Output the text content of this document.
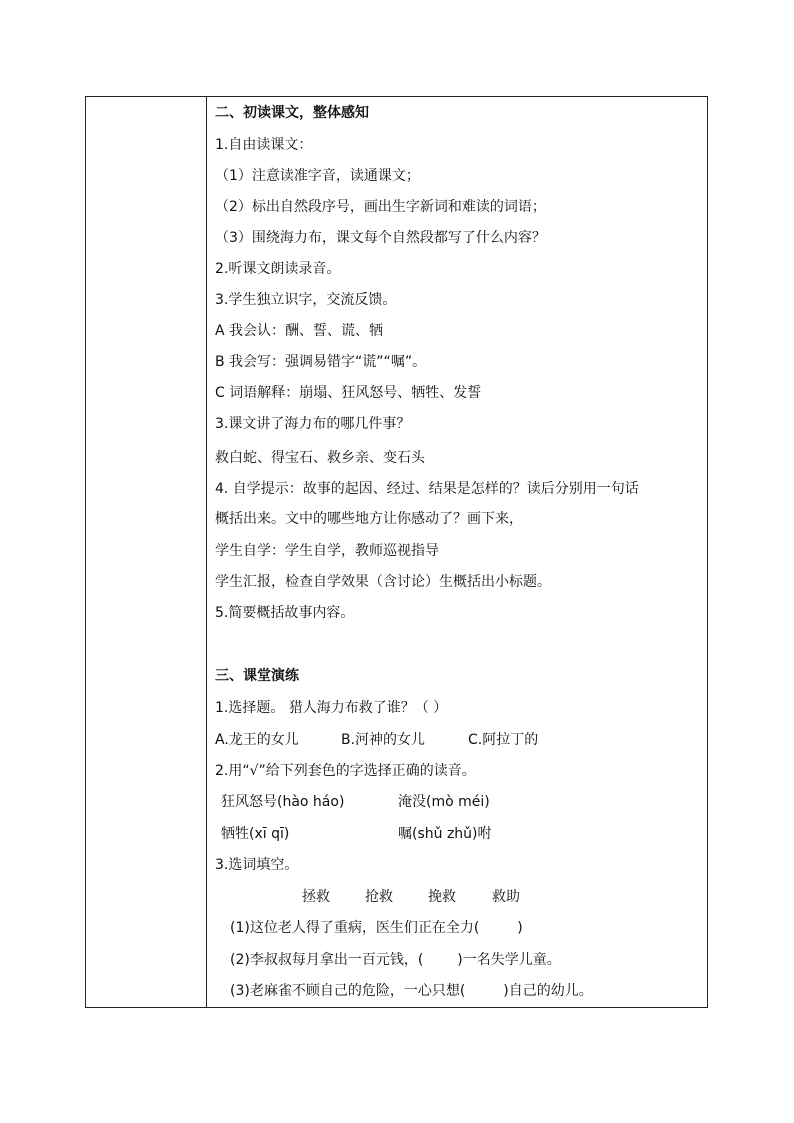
二、初读课文，整体感知
1.自由读课文：
（1）注意读准字音，读通课文；
（2）标出自然段序号，画出生字新词和难读的词语；
（3）围绕海力布，课文每个自然段都写了什么内容？
2.听课文朗读录音。
3.学生独立识字，交流反馈。
A 我会认：酬、誓、谎、牺
B 我会写：强调易错字“谎”“嘱”。
C 词语解释：崩塌、狂风怒号、牺牲、发誓
3.课文讲了海力布的哪几件事？
救白蛇、得宝石、救乡亲、变石头
4. 自学提示：故事的起因、经过、结果是怎样的？读后分别用一句话
概括出来。文中的哪些地方让你感动了？画下来，
学生自学：学生自学，教师巡视指导
学生汇报，检查自学效果（含讨论）生概括出小标题。
5.简要概括故事内容。
三、课堂演练
1.选择题。 猎人海力布救了谁？（ ）
A.龙王的女儿	B.河神的女儿	C.阿拉丁的
2.用“√”给下列套色的字选择正确的读音。
狂风怒号(hào háo)	淹没(mò méi)
牺牲(xī qī)	嘱(shǔ zhǔ)咐
3.选词填空。
拯救	抢救	挽救	救助
(1)这位老人得了重病，医生们正在全力(	)
(2)李叔叔每月拿出一百元钱，( )一名失学儿童。
(3)老麻雀不顾自己的危险，一心只想(	)自己的幼儿。
